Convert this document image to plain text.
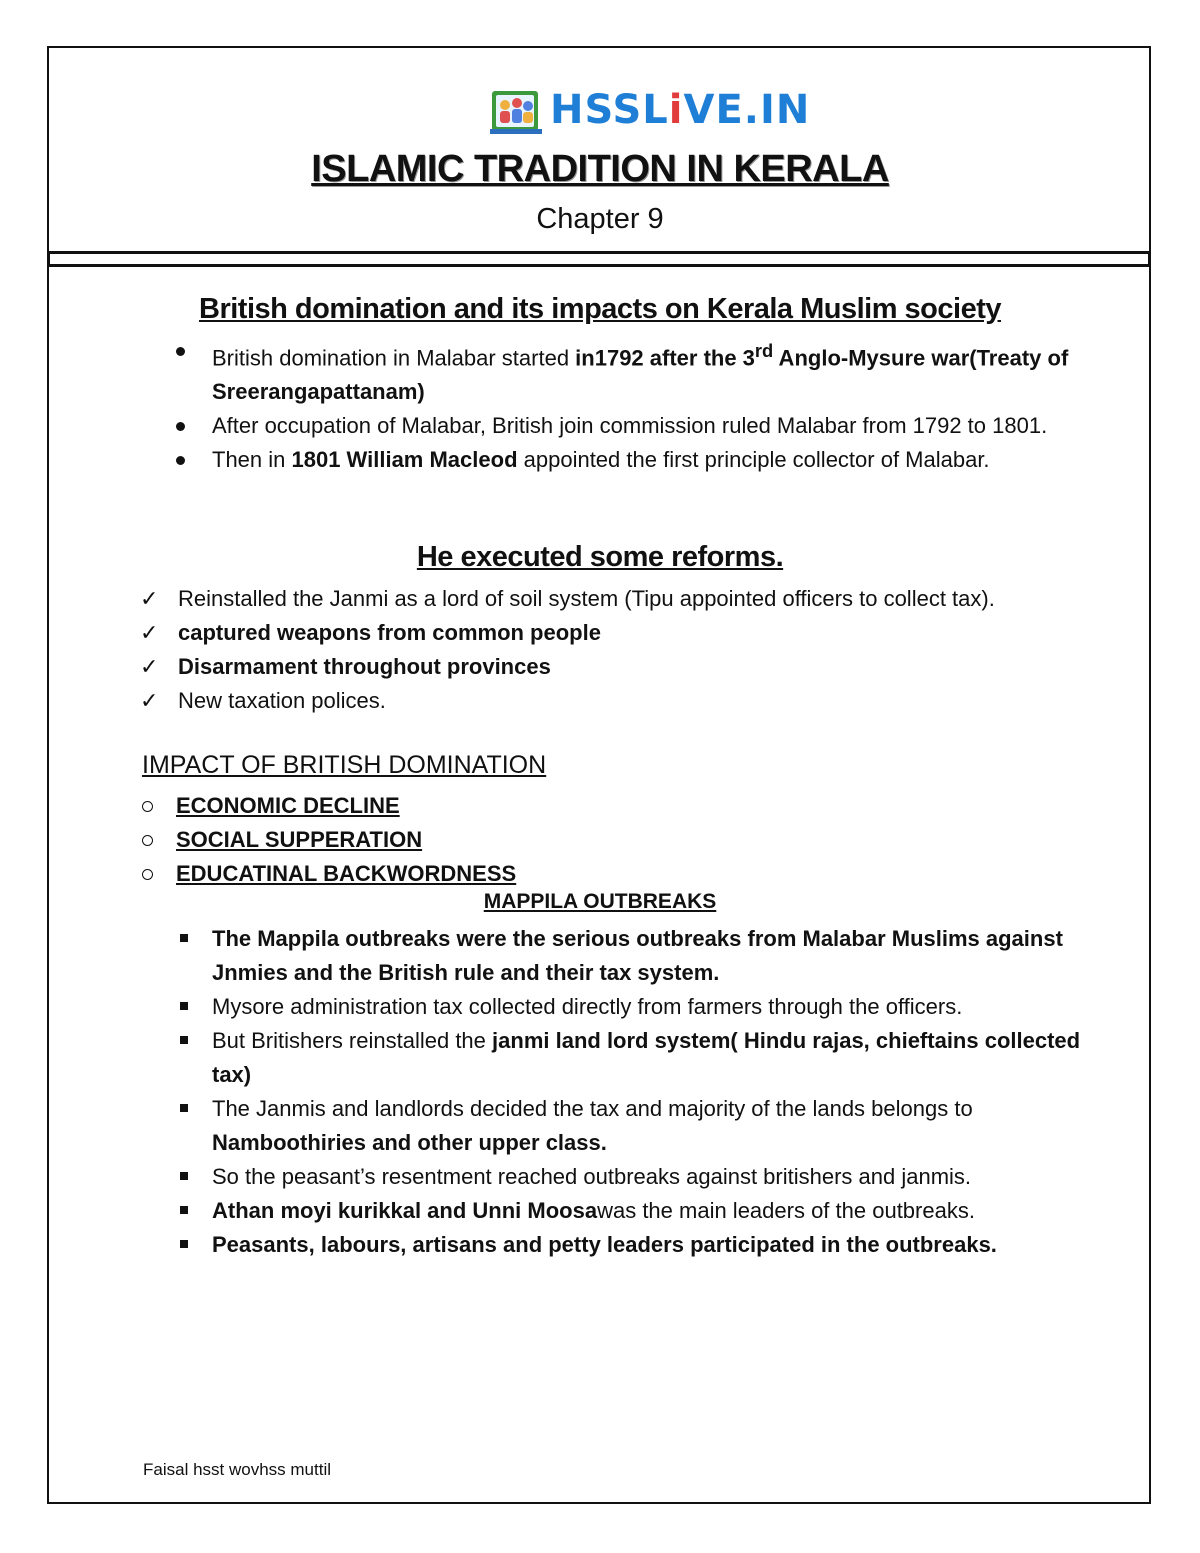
HSSLiVE.IN
ISLAMIC TRADITION IN KERALA
Chapter 9
British domination and its impacts on Kerala Muslim society
British domination in Malabar started in1792 after the 3rd Anglo-Mysure war(Treaty of Sreerangapattanam)
After occupation of Malabar, British join commission ruled Malabar from 1792 to 1801.
Then in 1801 William Macleod appointed the first principle collector of Malabar.
He executed some reforms.
✓ Reinstalled the Janmi as a lord of soil system (Tipu appointed officers to collect tax).
✓ captured weapons from common people
✓ Disarmament throughout provinces
✓ New taxation polices.
IMPACT OF BRITISH DOMINATION
ECONOMIC DECLINE
SOCIAL SUPPERATION
EDUCATINAL BACKWORDNESS
MAPPILA OUTBREAKS
The Mappila outbreaks were the serious outbreaks from Malabar Muslims against Jnmies and the British rule and their tax system.
Mysore administration tax collected directly from farmers through the officers.
But Britishers reinstalled the janmi land lord system( Hindu rajas, chieftains collected tax)
The Janmis and landlords decided the tax and majority of the lands belongs to Namboothiries and other upper class.
So the peasant’s resentment reached outbreaks against britishers and janmis.
Athan moyi kurikkal and Unni Moosawas the main leaders of the outbreaks.
Peasants, labours, artisans and petty leaders participated in the outbreaks.
Faisal hsst wovhss muttil
